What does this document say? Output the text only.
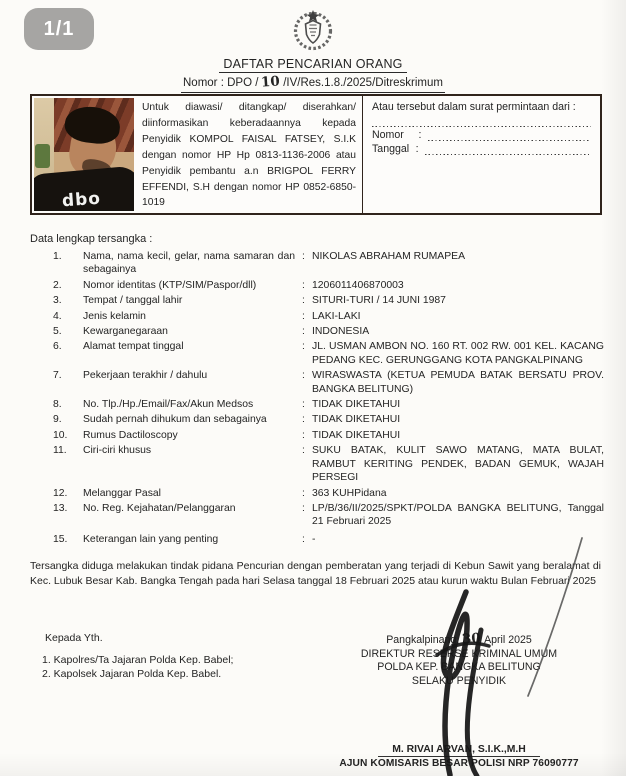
1/1
DAFTAR PENCARIAN ORANG

Nomor : DPO / 10 /IV/Res.1.8./2025/Ditreskrimum
dbo
Untuk diawasi/ ditangkap/ diserahkan/ diinformasikan keberadaannya kepada Penyidik KOMPOL FAISAL FATSEY, S.I.K dengan nomor HP Hp 0813-1136-2006 atau Penyidik pembantu a.n BRIGPOL FERRY EFFENDI, S.H dengan nomor HP 0852-6850-1019
Atau tersebut dalam surat permintaan dari :
Nomor	:
Tanggal :
Data lengkap tersangka :
1.	Nama, nama kecil, gelar, nama samaran dan sebagainya
: NIKOLAS ABRAHAM RUMAPEA
2.	Nomor identitas (KTP/SIM/Paspor/dll)	: 1206011406870003
3.	Tempat / tanggal lahir	: SITURI-TURI / 14 JUNI 1987
4.	Jenis kelamin	: LAKI-LAKI
5.	Kewarganegaraan	: INDONESIA
6.	Alamat tempat tinggal	: JL. USMAN AMBON NO. 160 RT. 002 RW. 001 KEL. KACANG PEDANG KEC. GERUNGGANG KOTA PANGKALPINANG
7.	Pekerjaan terakhir / dahulu	: WIRASWASTA (KETUA PEMUDA BATAK BERSATU PROV. BANGKA BELITUNG)
8.	No. Tlp./Hp./Email/Fax/Akun Medsos	: TIDAK DIKETAHUI
9.	Sudah pernah dihukum dan sebagainya	: TIDAK DIKETAHUI
10.	Rumus Dactiloscopy	: TIDAK DIKETAHUI
11.	Ciri-ciri khusus	: SUKU BATAK, KULIT SAWO MATANG, MATA BULAT, RAMBUT KERITING PENDEK, BADAN GEMUK, WAJAH PERSEGI
12.	Melanggar Pasal	: 363 KUHPidana
13.	No. Reg. Kejahatan/Pelanggaran	: LP/B/36/II/2025/SPKT/POLDA BANGKA BELITUNG, Tanggal 21 Februari 2025
15.	Keterangan lain yang penting	: -
Tersangka diduga melakukan tindak pidana Pencurian dengan pemberatan yang terjadi di Kebun Sawit yang beralamat di Kec. Lubuk Besar Kab. Bangka Tengah pada hari Selasa tanggal 18 Februari 2025 atau kurun waktu Bulan Februari 2025
Kepada Yth.
1. Kapolres/Ta Jajaran Polda Kep. Babel;
2. Kapolsek Jajaran Polda Kep. Babel.
Pangkalpinang, 30 April 2025
DIREKTUR RESERSE KRIMINAL UMUM
POLDA KEP. BANGKA BELITUNG
SELAKU PENYIDIK
M. RIVAI ARVAN, S.I.K.,M.H
AJUN KOMISARIS BESAR POLISI NRP 76090777
